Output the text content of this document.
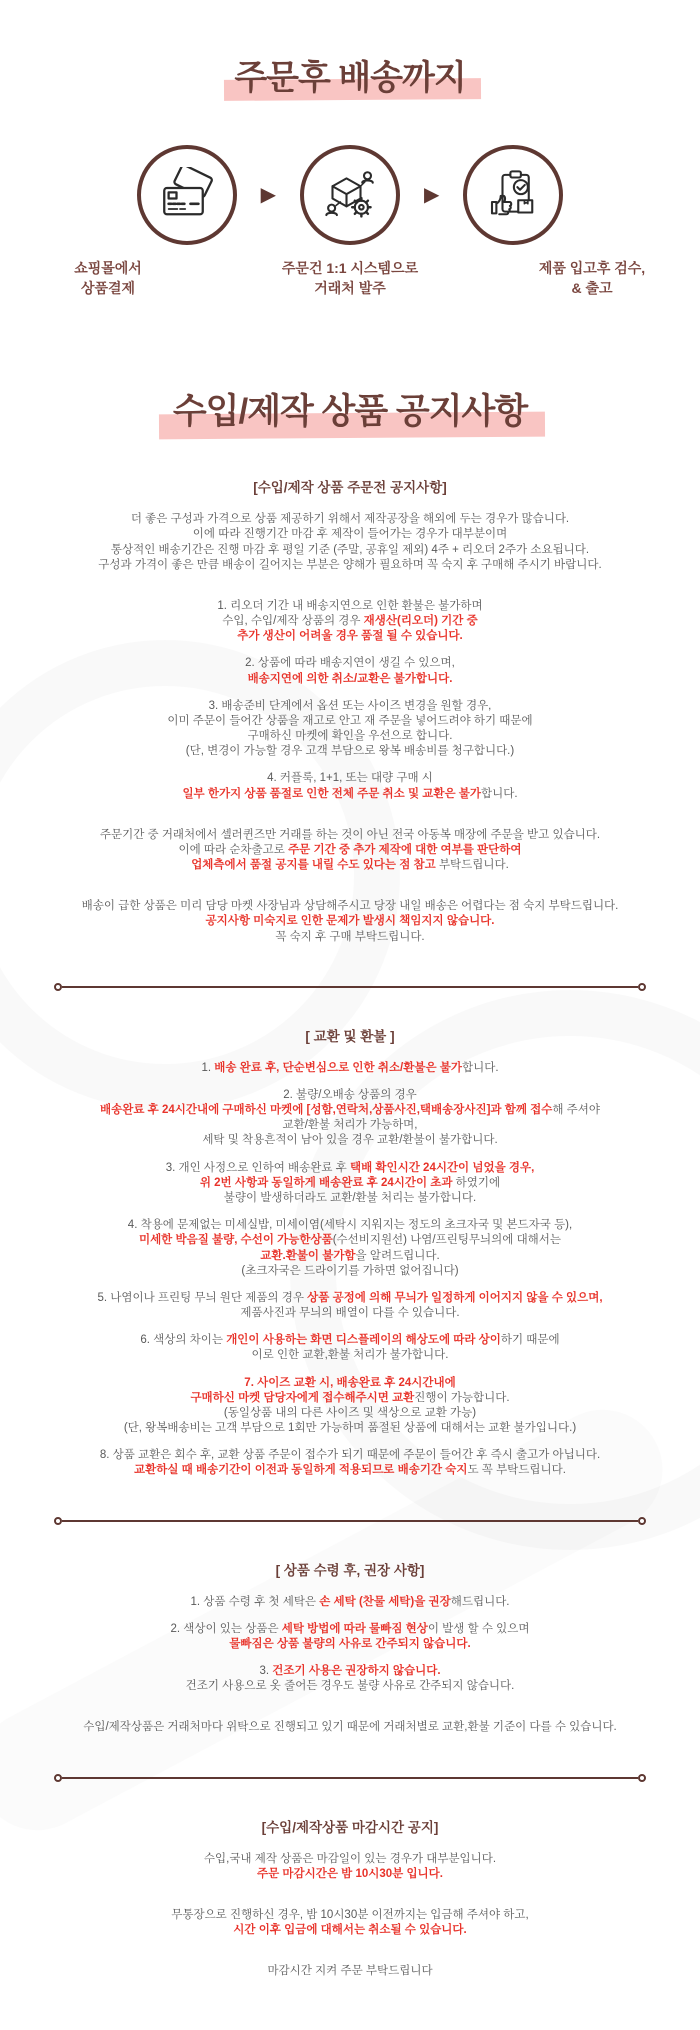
주문후 배송까지
▶	▶
쇼핑몰에서
상품결제
주문건 1:1 시스템으로
거래처 발주
제품 입고후 검수,
& 출고
수입/제작 상품 공지사항
[수입/제작 상품 주문전 공지사항]

더 좋은 구성과 가격으로 상품 제공하기 위해서 제작공장을 해외에 두는 경우가 많습니다.
이에 따라 진행기간 마감 후 제작이 들어가는 경우가 대부분이며
통상적인 배송기간은 진행 마감 후 평일 기준 (주말, 공휴일 제외) 4주 + 리오더 2주가 소요됩니다.
구성과 가격이 좋은 만큼 배송이 길어지는 부분은 양해가 필요하며 꼭 숙지 후 구매해 주시기 바랍니다.

1. 리오더 기간 내 배송지연으로 인한 환불은 불가하며
수입, 수입/제작 상품의 경우 재생산(리오더) 기간 중
추가 생산이 어려울 경우 품절 될 수 있습니다.

2. 상품에 따라 배송지연이 생길 수 있으며,
배송지연에 의한 취소/교환은 불가합니다.

3. 배송준비 단계에서 옵션 또는 사이즈 변경을 원할 경우,
이미 주문이 들어간 상품을 재고로 안고 재 주문을 넣어드려야 하기 때문에
구매하신 마켓에 확인을 우선으로 합니다.
(단, 변경이 가능할 경우 고객 부담으로 왕복 배송비를 청구합니다.)

4. 커플룩, 1+1, 또는 대량 구매 시
일부 한가지 상품 품절로 인한 전체 주문 취소 및 교환은 불가합니다.

주문기간 중 거래처에서 셀러퀸즈만 거래를 하는 것이 아닌 전국 아동복 매장에 주문을 받고 있습니다.
이에 따라 순차출고로 주문 기간 중 추가 제작에 대한 여부를 판단하여
업체측에서 품절 공지를 내릴 수도 있다는 점 참고 부탁드립니다.

배송이 급한 상품은 미리 담당 마켓 사장님과 상담해주시고 당장 내일 배송은 어렵다는 점 숙지 부탁드립니다.
공지사항 미숙지로 인한 문제가 발생시 책임지지 않습니다.
꼭 숙지 후 구매 부탁드립니다.

[ 교환 및 환불 ]

1. 배송 완료 후, 단순변심으로 인한 취소/환불은 불가합니다.

2. 불량/오배송 상품의 경우
배송완료 후 24시간내에 구매하신 마켓에 [성함,연락처,상품사진,택배송장사진]과 함께 접수해 주셔야
교환/환불 처리가 가능하며,
세탁 및 착용흔적이 남아 있을 경우 교환/환불이 불가합니다.

3. 개인 사정으로 인하여 배송완료 후 택배 확인시간 24시간이 넘었을 경우,
위 2번 사항과 동일하게 배송완료 후 24시간이 초과 하였기에
불량이 발생하더라도 교환/환불 처리는 불가합니다.

4. 착용에 문제없는 미세실밥, 미세이염(세탁시 지워지는 정도의 초크자국 및 본드자국 등),
미세한 박음질 불량, 수선이 가능한상품(수선비지원선) 나염/프린팅무늬의에 대해서는
교환.환불이 불가함을 알려드립니다.
(초크자국은 드라이기를 가하면 없어집니다)

5. 나염이나 프린팅 무늬 원단 제품의 경우 상품 공정에 의해 무늬가 일정하게 이어지지 않을 수 있으며,
제품사진과 무늬의 배열이 다를 수 있습니다.

6. 색상의 차이는 개인이 사용하는 화면 디스플레이의 해상도에 따라 상이하기 때문에
이로 인한 교환,환불 처리가 불가합니다.

7. 사이즈 교환 시, 배송완료 후 24시간내에
구매하신 마켓 담당자에게 접수해주시면 교환진행이 가능합니다.
(동일상품 내의 다른 사이즈 및 색상으로 교환 가능)
(단, 왕복배송비는 고객 부담으로 1회만 가능하며 품절된 상품에 대해서는 교환 불가입니다.)

8. 상품 교환은 회수 후, 교환 상품 주문이 접수가 되기 때문에 주문이 들어간 후 즉시 출고가 아닙니다.
교환하실 때 배송기간이 이전과 동일하게 적용되므로 배송기간 숙지도 꼭 부탁드립니다.

[ 상품 수령 후, 권장 사항]

1. 상품 수령 후 첫 세탁은 손 세탁 (찬물 세탁)을 권장해드립니다.

2. 색상이 있는 상품은 세탁 방법에 따라 물빠짐 현상이 발생 할 수 있으며
물빠짐은 상품 불량의 사유로 간주되지 않습니다.

3. 건조기 사용은 권장하지 않습니다.
건조기 사용으로 옷 줄어든 경우도 불량 사유로 간주되지 않습니다.

수입/제작상품은 거래처마다 위탁으로 진행되고 있기 때문에 거래처별로 교환,환불 기준이 다를 수 있습니다.

[수입/제작상품 마감시간 공지]

수입,국내 제작 상품은 마감일이 있는 경우가 대부분입니다.
주문 마감시간은 밤 10시30분 입니다.

무통장으로 진행하신 경우, 밤 10시30분 이전까지는 입금해 주셔야 하고,
시간 이후 입금에 대해서는 취소될 수 있습니다.

마감시간 지켜 주문 부탁드립니다
